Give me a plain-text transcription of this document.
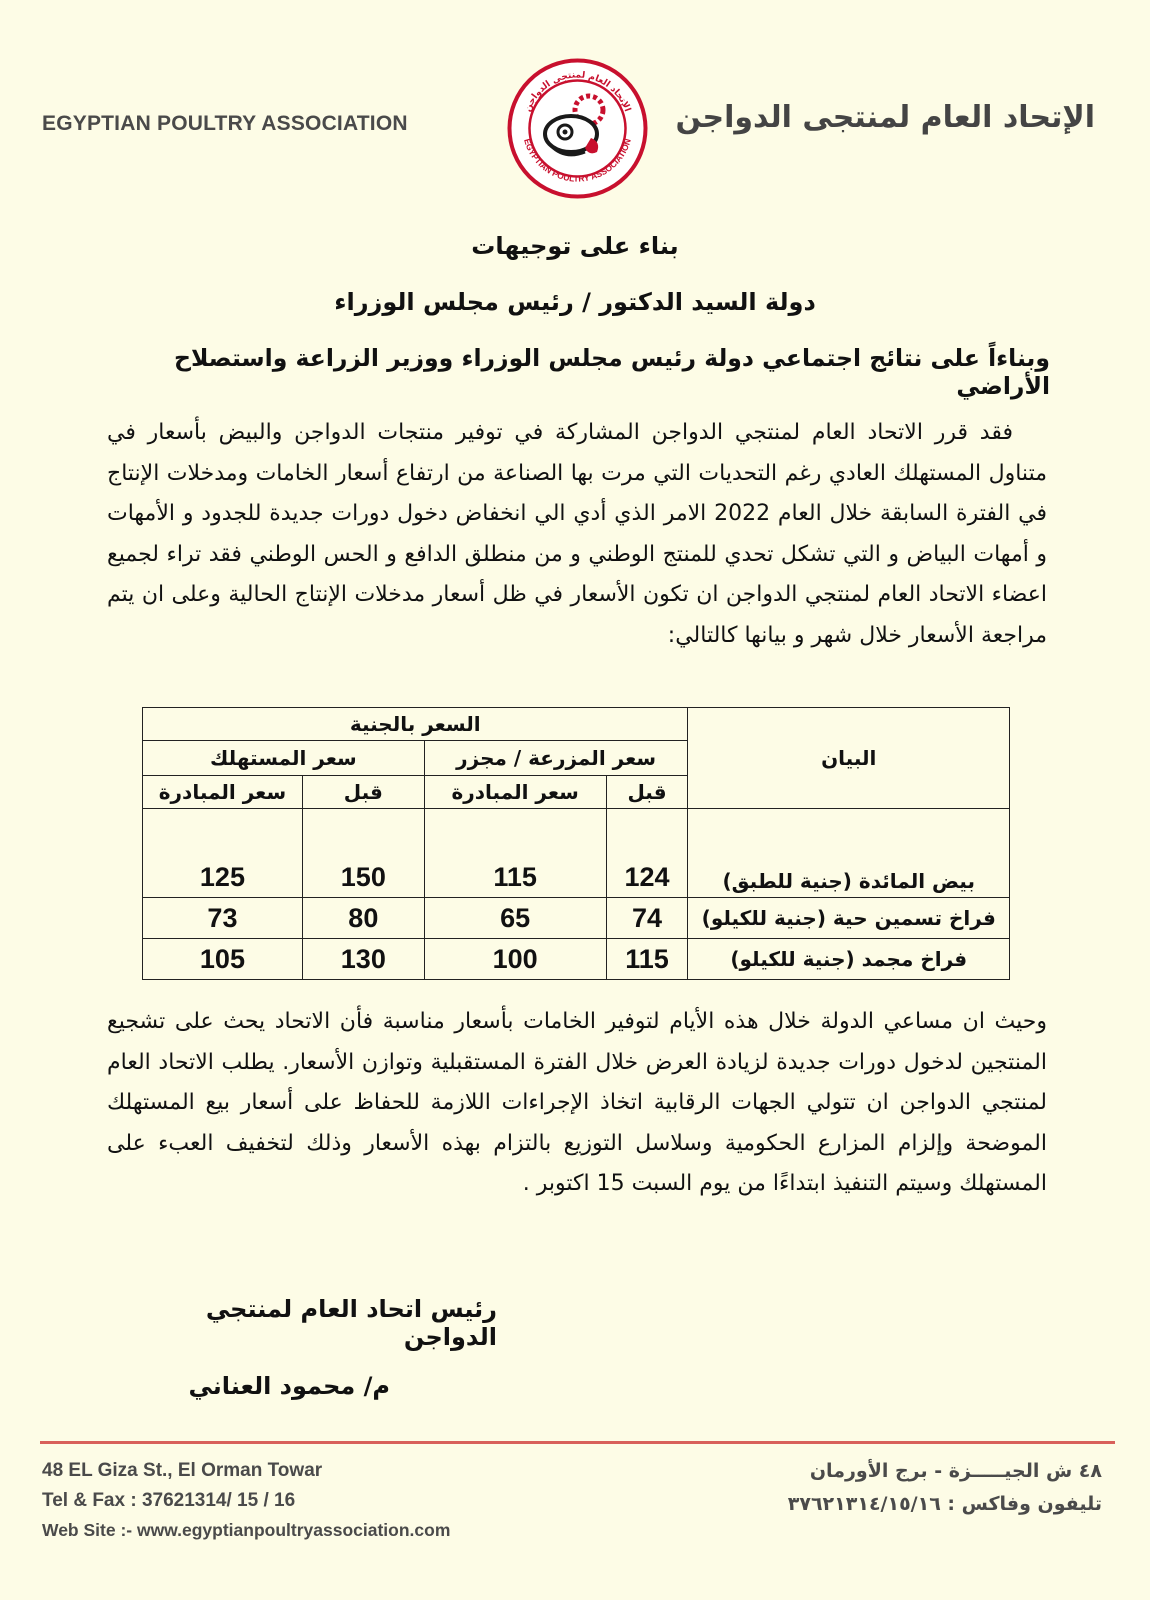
EGYPTIAN POULTRY ASSOCIATION
الإتحاد العام لمنتجى الدواجن
EGYPTIAN POULTRY ASSOCIATION
الإتحاد العام لمنتجى الدواجن
بناء على توجيهات
دولة السيد الدكتور / رئيس مجلس الوزراء
وبناءاً على نتائج اجتماعي دولة رئيس مجلس الوزراء ووزير الزراعة واستصلاح الأراضي
فقد قرر الاتحاد العام لمنتجي الدواجن المشاركة في توفير منتجات الدواجن والبيض بأسعار في متناول المستهلك العادي رغم التحديات التي مرت بها الصناعة من ارتفاع أسعار الخامات ومدخلات الإنتاج في الفترة السابقة خلال العام 2022 الامر الذي أدي الي انخفاض دخول دورات جديدة للجدود و الأمهات و أمهات البياض و التي تشكل تحدي للمنتج الوطني و من منطلق الدافع و الحس الوطني فقد تراء لجميع اعضاء الاتحاد العام لمنتجي الدواجن ان تكون الأسعار في ظل أسعار مدخلات الإنتاج الحالية وعلى ان يتم مراجعة الأسعار خلال شهر و بيانها كالتالي:
البيان	السعر بالجنية			
	سعر المزرعة / مجزر		سعر المستهلك	
	قبل	سعر المبادرة	قبل	سعر المبادرة
بيض المائدة (جنية للطبق)	124	115	150	125
فراخ تسمين حية (جنية للكيلو)	74	65	80	73
فراخ مجمد (جنية للكيلو)	115	100	130	105
وحيث ان مساعي الدولة خلال هذه الأيام لتوفير الخامات بأسعار مناسبة فأن الاتحاد يحث على تشجيع المنتجين لدخول دورات جديدة لزيادة العرض خلال الفترة المستقبلية وتوازن الأسعار. يطلب الاتحاد العام لمنتجي الدواجن ان تتولي الجهات الرقابية اتخاذ الإجراءات اللازمة للحفاظ على أسعار بيع المستهلك الموضحة وإلزام المزارع الحكومية وسلاسل التوزيع بالتزام بهذه الأسعار وذلك لتخفيف العبء على المستهلك وسيتم التنفيذ ابتداءًا من يوم السبت 15 اكتوبر .
رئيس اتحاد العام لمنتجي الدواجن
م/ محمود العناني
48 EL Giza St., El Orman Towar
Tel & Fax : 37621314/ 15 / 16
Web Site :- www.egyptianpoultryassociation.com
٤٨ ش الجيـــــزة - برج الأورمان
تليفون وفاكس : ٣٧٦٢١٣١٤/١٥/١٦
